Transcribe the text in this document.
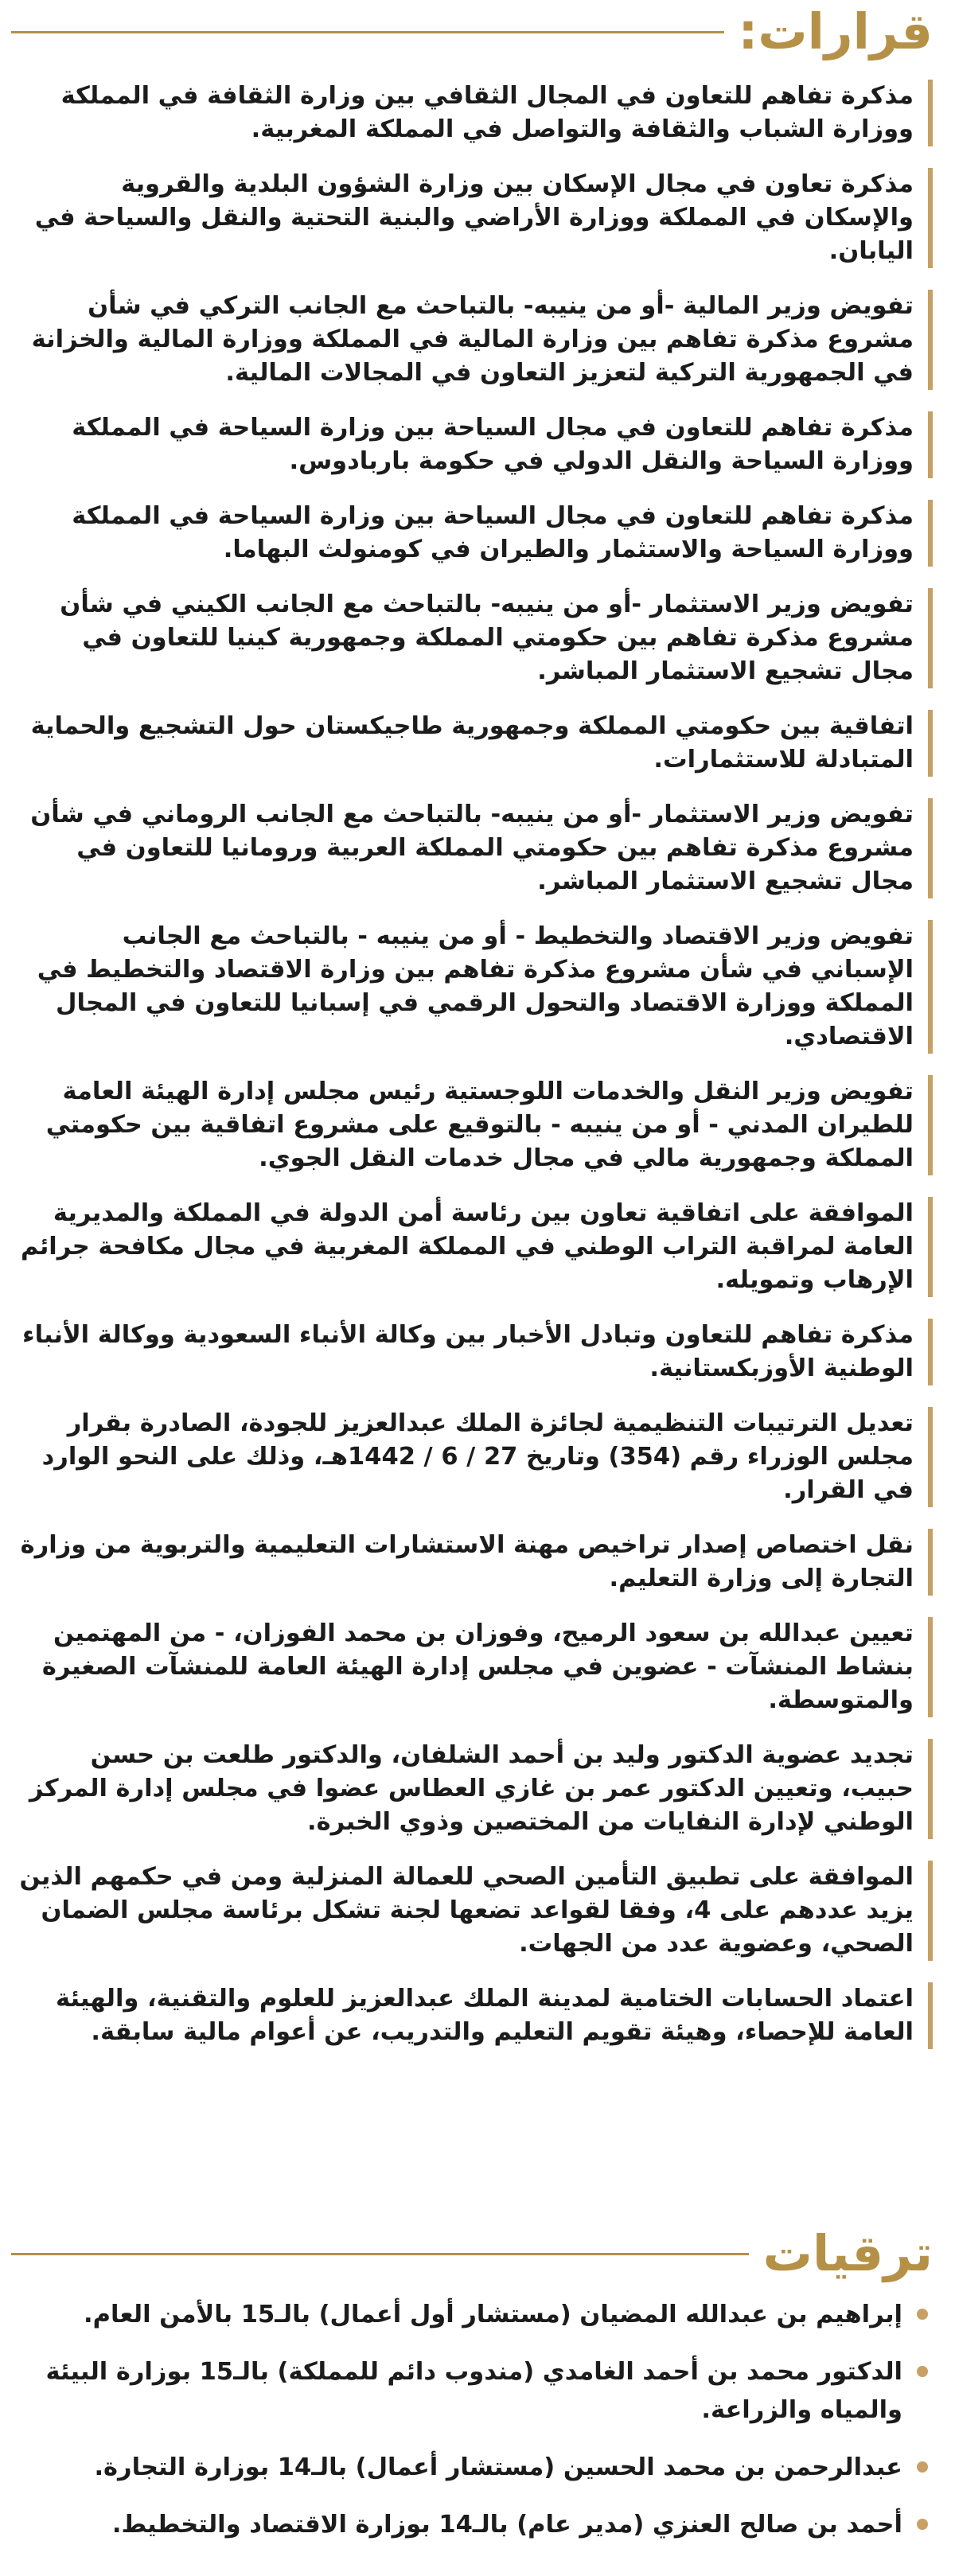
قرارات:
مذكرة تفاهم للتعاون في المجال الثقافي بين وزارة الثقافة في المملكة ووزارة الشباب والثقافة والتواصل في المملكة المغربية.
مذكرة تعاون في مجال الإسكان بين وزارة الشؤون البلدية والقروية والإسكان في المملكة ووزارة الأراضي والبنية التحتية والنقل والسياحة في اليابان.
تفويض وزير المالية -أو من ينيبه- بالتباحث مع الجانب التركي في شأن مشروع مذكرة تفاهم بين وزارة المالية في المملكة ووزارة المالية والخزانة في الجمهورية التركية لتعزيز التعاون في المجالات المالية.
مذكرة تفاهم للتعاون في مجال السياحة بين وزارة السياحة في المملكة ووزارة السياحة والنقل الدولي في حكومة باربادوس.
مذكرة تفاهم للتعاون في مجال السياحة بين وزارة السياحة في المملكة ووزارة السياحة والاستثمار والطيران في كومنولث البهاما.
تفويض وزير الاستثمار -أو من ينيبه- بالتباحث مع الجانب الكيني في شأن مشروع مذكرة تفاهم بين حكومتي المملكة وجمهورية كينيا للتعاون في مجال تشجيع الاستثمار المباشر.
اتفاقية بين حكومتي المملكة وجمهورية طاجيكستان حول التشجيع والحماية المتبادلة للاستثمارات.
تفويض وزير الاستثمار -أو من ينيبه- بالتباحث مع الجانب الروماني في شأن مشروع مذكرة تفاهم بين حكومتي المملكة العربية ورومانيا للتعاون في مجال تشجيع الاستثمار المباشر.
تفويض وزير الاقتصاد والتخطيط - أو من ينيبه - بالتباحث مع الجانب الإسباني في شأن مشروع مذكرة تفاهم بين وزارة الاقتصاد والتخطيط في المملكة ووزارة الاقتصاد والتحول الرقمي في إسبانيا للتعاون في المجال الاقتصادي.
تفويض وزير النقل والخدمات اللوجستية رئيس مجلس إدارة الهيئة العامة للطيران المدني - أو من ينيبه - بالتوقيع على مشروع اتفاقية بين حكومتي المملكة وجمهورية مالي في مجال خدمات النقل الجوي.
الموافقة على اتفاقية تعاون بين رئاسة أمن الدولة في المملكة والمديرية العامة لمراقبة التراب الوطني في المملكة المغربية في مجال مكافحة جرائم الإرهاب وتمويله.
مذكرة تفاهم للتعاون وتبادل الأخبار بين وكالة الأنباء السعودية ووكالة الأنباء الوطنية الأوزبكستانية.
تعديل الترتيبات التنظيمية لجائزة الملك عبدالعزيز للجودة، الصادرة بقرار مجلس الوزراء رقم (354) وتاريخ 27 / 6 / 1442هـ، وذلك على النحو الوارد في القرار.
نقل اختصاص إصدار تراخيص مهنة الاستشارات التعليمية والتربوية من وزارة التجارة إلى وزارة التعليم.
تعيين عبدالله بن سعود الرميح، وفوزان بن محمد الفوزان، - من المهتمين بنشاط المنشآت - عضوين في مجلس إدارة الهيئة العامة للمنشآت الصغيرة والمتوسطة.
تجديد عضوية الدكتور وليد بن أحمد الشلفان، والدكتور طلعت بن حسن حبيب، وتعيين الدكتور عمر بن غازي العطاس عضوا في مجلس إدارة المركز الوطني لإدارة النفايات من المختصين وذوي الخبرة.
الموافقة على تطبيق التأمين الصحي للعمالة المنزلية ومن في حكمهم الذين يزيد عددهم على 4، وفقا لقواعد تضعها لجنة تشكل برئاسة مجلس الضمان الصحي، وعضوية عدد من الجهات.
اعتماد الحسابات الختامية لمدينة الملك عبدالعزيز للعلوم والتقنية، والهيئة العامة للإحصاء، وهيئة تقويم التعليم والتدريب، عن أعوام مالية سابقة.
ترقيات
إبراهيم بن عبدالله المضيان (مستشار أول أعمال) بالـ15 بالأمن العام.
الدكتور محمد بن أحمد الغامدي (مندوب دائم للمملكة) بالـ15 بوزارة البيئة والمياه والزراعة.
عبدالرحمن بن محمد الحسين (مستشار أعمال) بالـ14 بوزارة التجارة.
أحمد بن صالح العنزي (مدير عام) بالـ14 بوزارة الاقتصاد والتخطيط.
